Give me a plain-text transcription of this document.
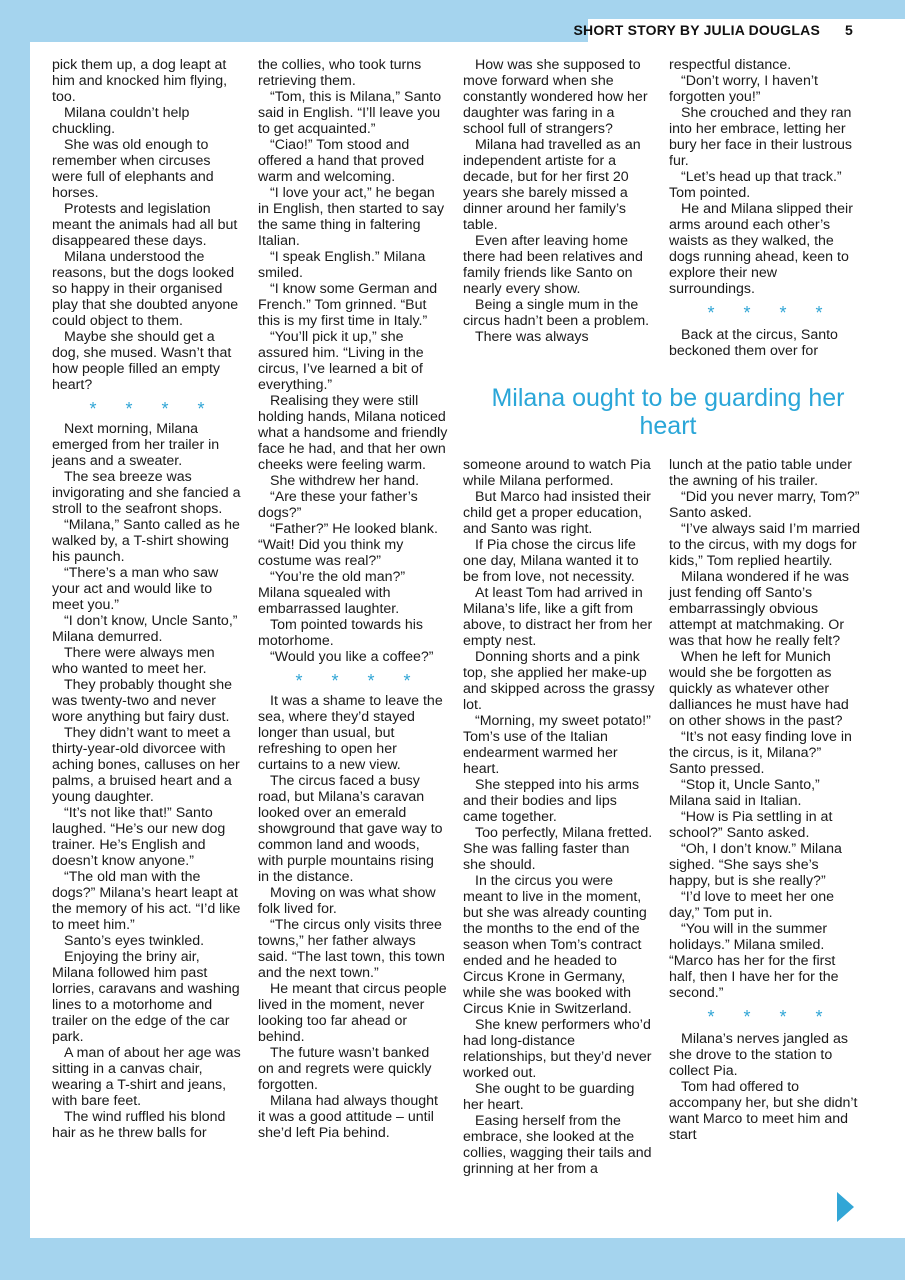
SHORT STORY BY JULIA DOUGLAS 5

pick them up, a dog leapt at him and knocked him flying, too.

Milana couldn’t help chuckling.

She was old enough to remember when circuses were full of elephants and horses.

Protests and legislation meant the animals had all but disappeared these days.

Milana understood the reasons, but the dogs looked so happy in their organised play that she doubted anyone could object to them.

Maybe she should get a dog, she mused. Wasn’t that how people filled an empty heart?

* * * *

Next morning, Milana emerged from her trailer in jeans and a sweater.

The sea breeze was invigorating and she fancied a stroll to the seafront shops.

“Milana,” Santo called as he walked by, a T-shirt showing his paunch.

“There’s a man who saw your act and would like to meet you.”

“I don’t know, Uncle Santo,” Milana demurred.

There were always men who wanted to meet her.

They probably thought she was twenty-two and never wore anything but fairy dust.

They didn’t want to meet a thirty-year-old divorcee with aching bones, calluses on her palms, a bruised heart and a young daughter.

“It’s not like that!” Santo laughed. “He’s our new dog trainer. He’s English and doesn’t know anyone.”

“The old man with the dogs?” Milana’s heart leapt at the memory of his act. “I’d like to meet him.”

Santo’s eyes twinkled.

Enjoying the briny air, Milana followed him past lorries, caravans and washing lines to a motorhome and trailer on the edge of the car park.

A man of about her age was sitting in a canvas chair, wearing a T-shirt and jeans, with bare feet.

The wind ruffled his blond hair as he threw balls for

the collies, who took turns retrieving them.

“Tom, this is Milana,” Santo said in English. “I’ll leave you to get acquainted.”

“Ciao!” Tom stood and offered a hand that proved warm and welcoming.

“I love your act,” he began in English, then started to say the same thing in faltering Italian.

“I speak English.” Milana smiled.

“I know some German and French.” Tom grinned. “But this is my first time in Italy.”

“You’ll pick it up,” she assured him. “Living in the circus, I’ve learned a bit of everything.”

Realising they were still holding hands, Milana noticed what a handsome and friendly face he had, and that her own cheeks were feeling warm.

She withdrew her hand.

“Are these your father’s dogs?”

“Father?” He looked blank. “Wait! Did you think my costume was real?”

“You’re the old man?” Milana squealed with embarrassed laughter.

Tom pointed towards his motorhome.

“Would you like a coffee?”

* * * *

It was a shame to leave the sea, where they’d stayed longer than usual, but refreshing to open her curtains to a new view.

The circus faced a busy road, but Milana’s caravan looked over an emerald showground that gave way to common land and woods, with purple mountains rising in the distance.

Moving on was what show folk lived for.

“The circus only visits three towns,” her father always said. “The last town, this town and the next town.”

He meant that circus people lived in the moment, never looking too far ahead or behind.

The future wasn’t banked on and regrets were quickly forgotten.

Milana had always thought it was a good attitude – until she’d left Pia behind.

How was she supposed to move forward when she constantly wondered how her daughter was faring in a school full of strangers?

Milana had travelled as an independent artiste for a decade, but for her first 20 years she barely missed a dinner around her family’s table.

Even after leaving home there had been relatives and family friends like Santo on nearly every show.

Being a single mum in the circus hadn’t been a problem.

There was always

respectful distance.

“Don’t worry, I haven’t forgotten you!”

She crouched and they ran into her embrace, letting her bury her face in their lustrous fur.

“Let’s head up that track.” Tom pointed.

He and Milana slipped their arms around each other’s waists as they walked, the dogs running ahead, keen to explore their new surroundings.

* * * *

Back at the circus, Santo beckoned them over for

Milana ought to be guarding her heart

someone around to watch Pia while Milana performed.

But Marco had insisted their child get a proper education, and Santo was right.

If Pia chose the circus life one day, Milana wanted it to be from love, not necessity.

At least Tom had arrived in Milana’s life, like a gift from above, to distract her from her empty nest.

Donning shorts and a pink top, she applied her make-up and skipped across the grassy lot.

“Morning, my sweet potato!” Tom’s use of the Italian endearment warmed her heart.

She stepped into his arms and their bodies and lips came together.

Too perfectly, Milana fretted. She was falling faster than she should.

In the circus you were meant to live in the moment, but she was already counting the months to the end of the season when Tom’s contract ended and he headed to Circus Krone in Germany, while she was booked with Circus Knie in Switzerland.

She knew performers who’d had long-distance relationships, but they’d never worked out.

She ought to be guarding her heart.

Easing herself from the embrace, she looked at the collies, wagging their tails and grinning at her from a

lunch at the patio table under the awning of his trailer.

“Did you never marry, Tom?” Santo asked.

“I’ve always said I’m married to the circus, with my dogs for kids,” Tom replied heartily.

Milana wondered if he was just fending off Santo’s embarrassingly obvious attempt at matchmaking. Or was that how he really felt?

When he left for Munich would she be forgotten as quickly as whatever other dalliances he must have had on other shows in the past?

“It’s not easy finding love in the circus, is it, Milana?” Santo pressed.

“Stop it, Uncle Santo,” Milana said in Italian.

“How is Pia settling in at school?” Santo asked.

“Oh, I don’t know.” Milana sighed. “She says she’s happy, but is she really?”

“I’d love to meet her one day,” Tom put in.

“You will in the summer holidays.” Milana smiled. “Marco has her for the first half, then I have her for the second.”

* * * *

Milana’s nerves jangled as she drove to the station to collect Pia.

Tom had offered to accompany her, but she didn’t want Marco to meet him and start
